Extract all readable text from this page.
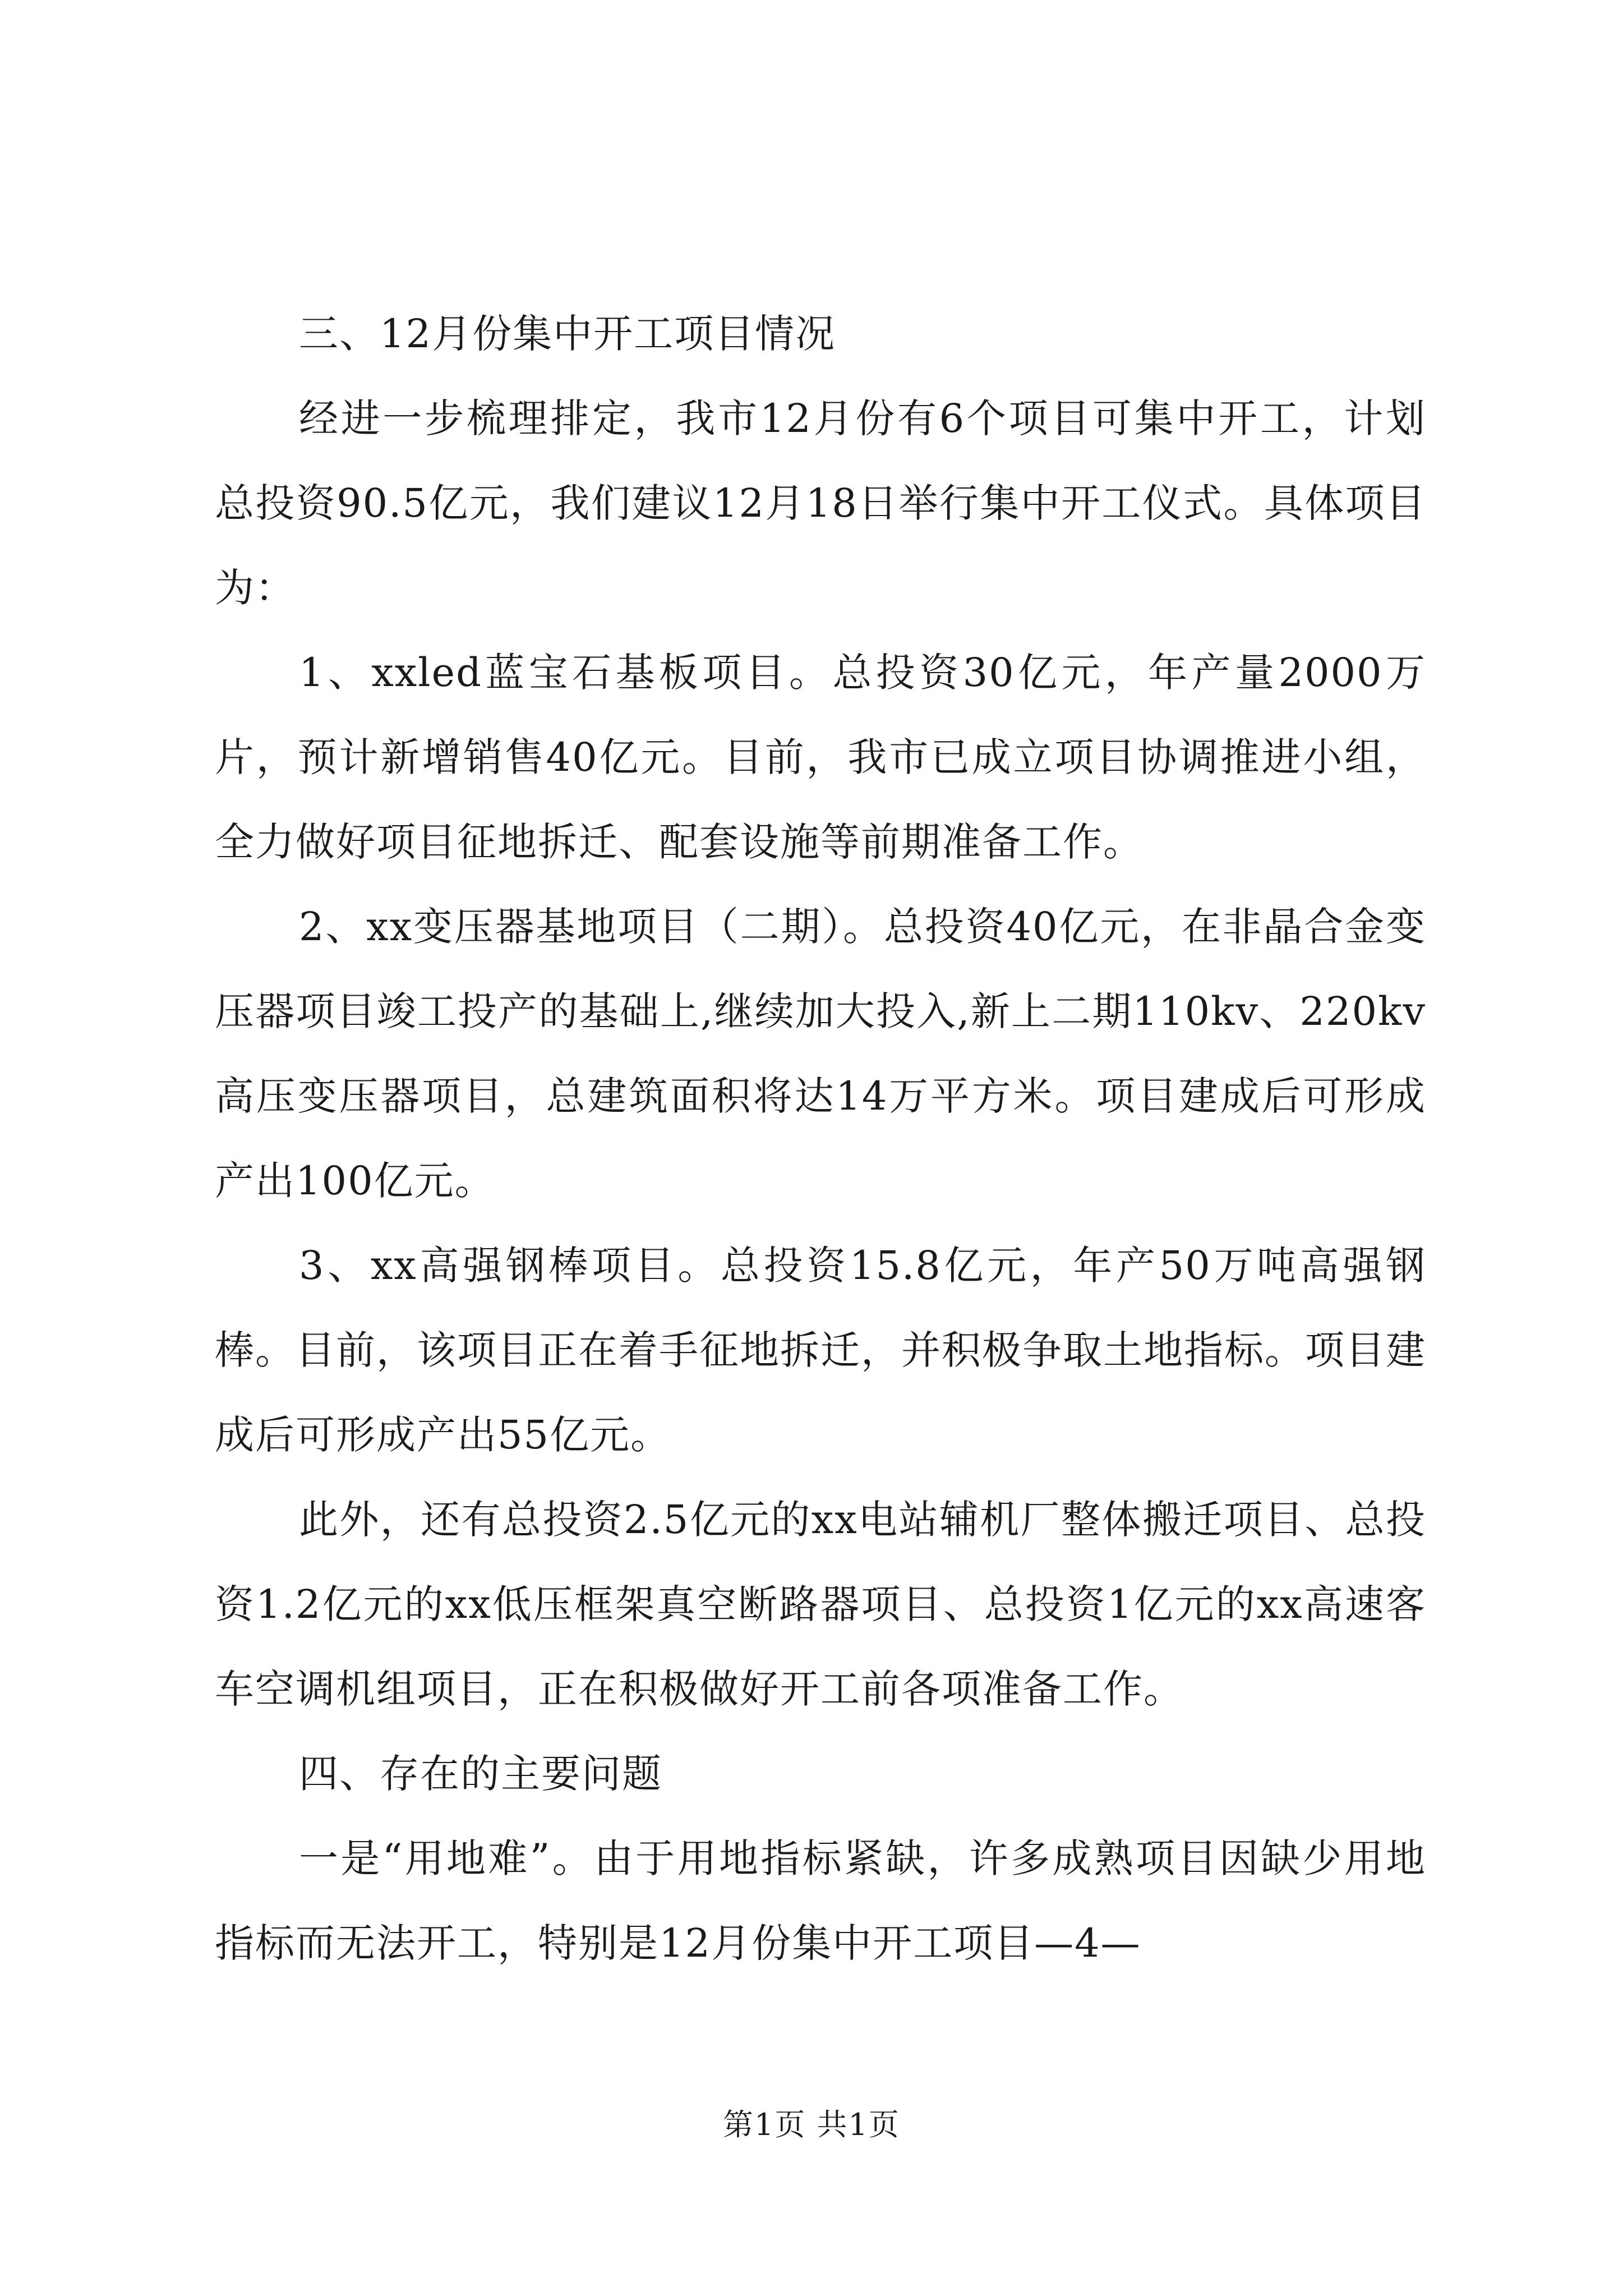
三、12月份集中开工项目情况

经进一步梳理排定，我市12月份有6个项目可集中开工，计划总投资90.5亿元，我们建议12月18日举行集中开工仪式。具体项目为：

1、xxled蓝宝石基板项目。总投资30亿元，年产量2000万片，预计新增销售40亿元。目前，我市已成立项目协调推进小组，全力做好项目征地拆迁、配套设施等前期准备工作。

2、xx变压器基地项目（二期）。总投资40亿元，在非晶合金变压器项目竣工投产的基础上,继续加大投入,新上二期110kv、220kv高压变压器项目，总建筑面积将达14万平方米。项目建成后可形成产出100亿元。

3、xx高强钢棒项目。总投资15.8亿元，年产50万吨高强钢棒。目前，该项目正在着手征地拆迁，并积极争取土地指标。项目建成后可形成产出55亿元。

此外，还有总投资2.5亿元的xx电站辅机厂整体搬迁项目、总投资1.2亿元的xx低压框架真空断路器项目、总投资1亿元的xx高速客车空调机组项目，正在积极做好开工前各项准备工作。

四、存在的主要问题

一是“用地难”。由于用地指标紧缺，许多成熟项目因缺少用地指标而无法开工，特别是12月份集中开工项目—4—

第1页 共1页
